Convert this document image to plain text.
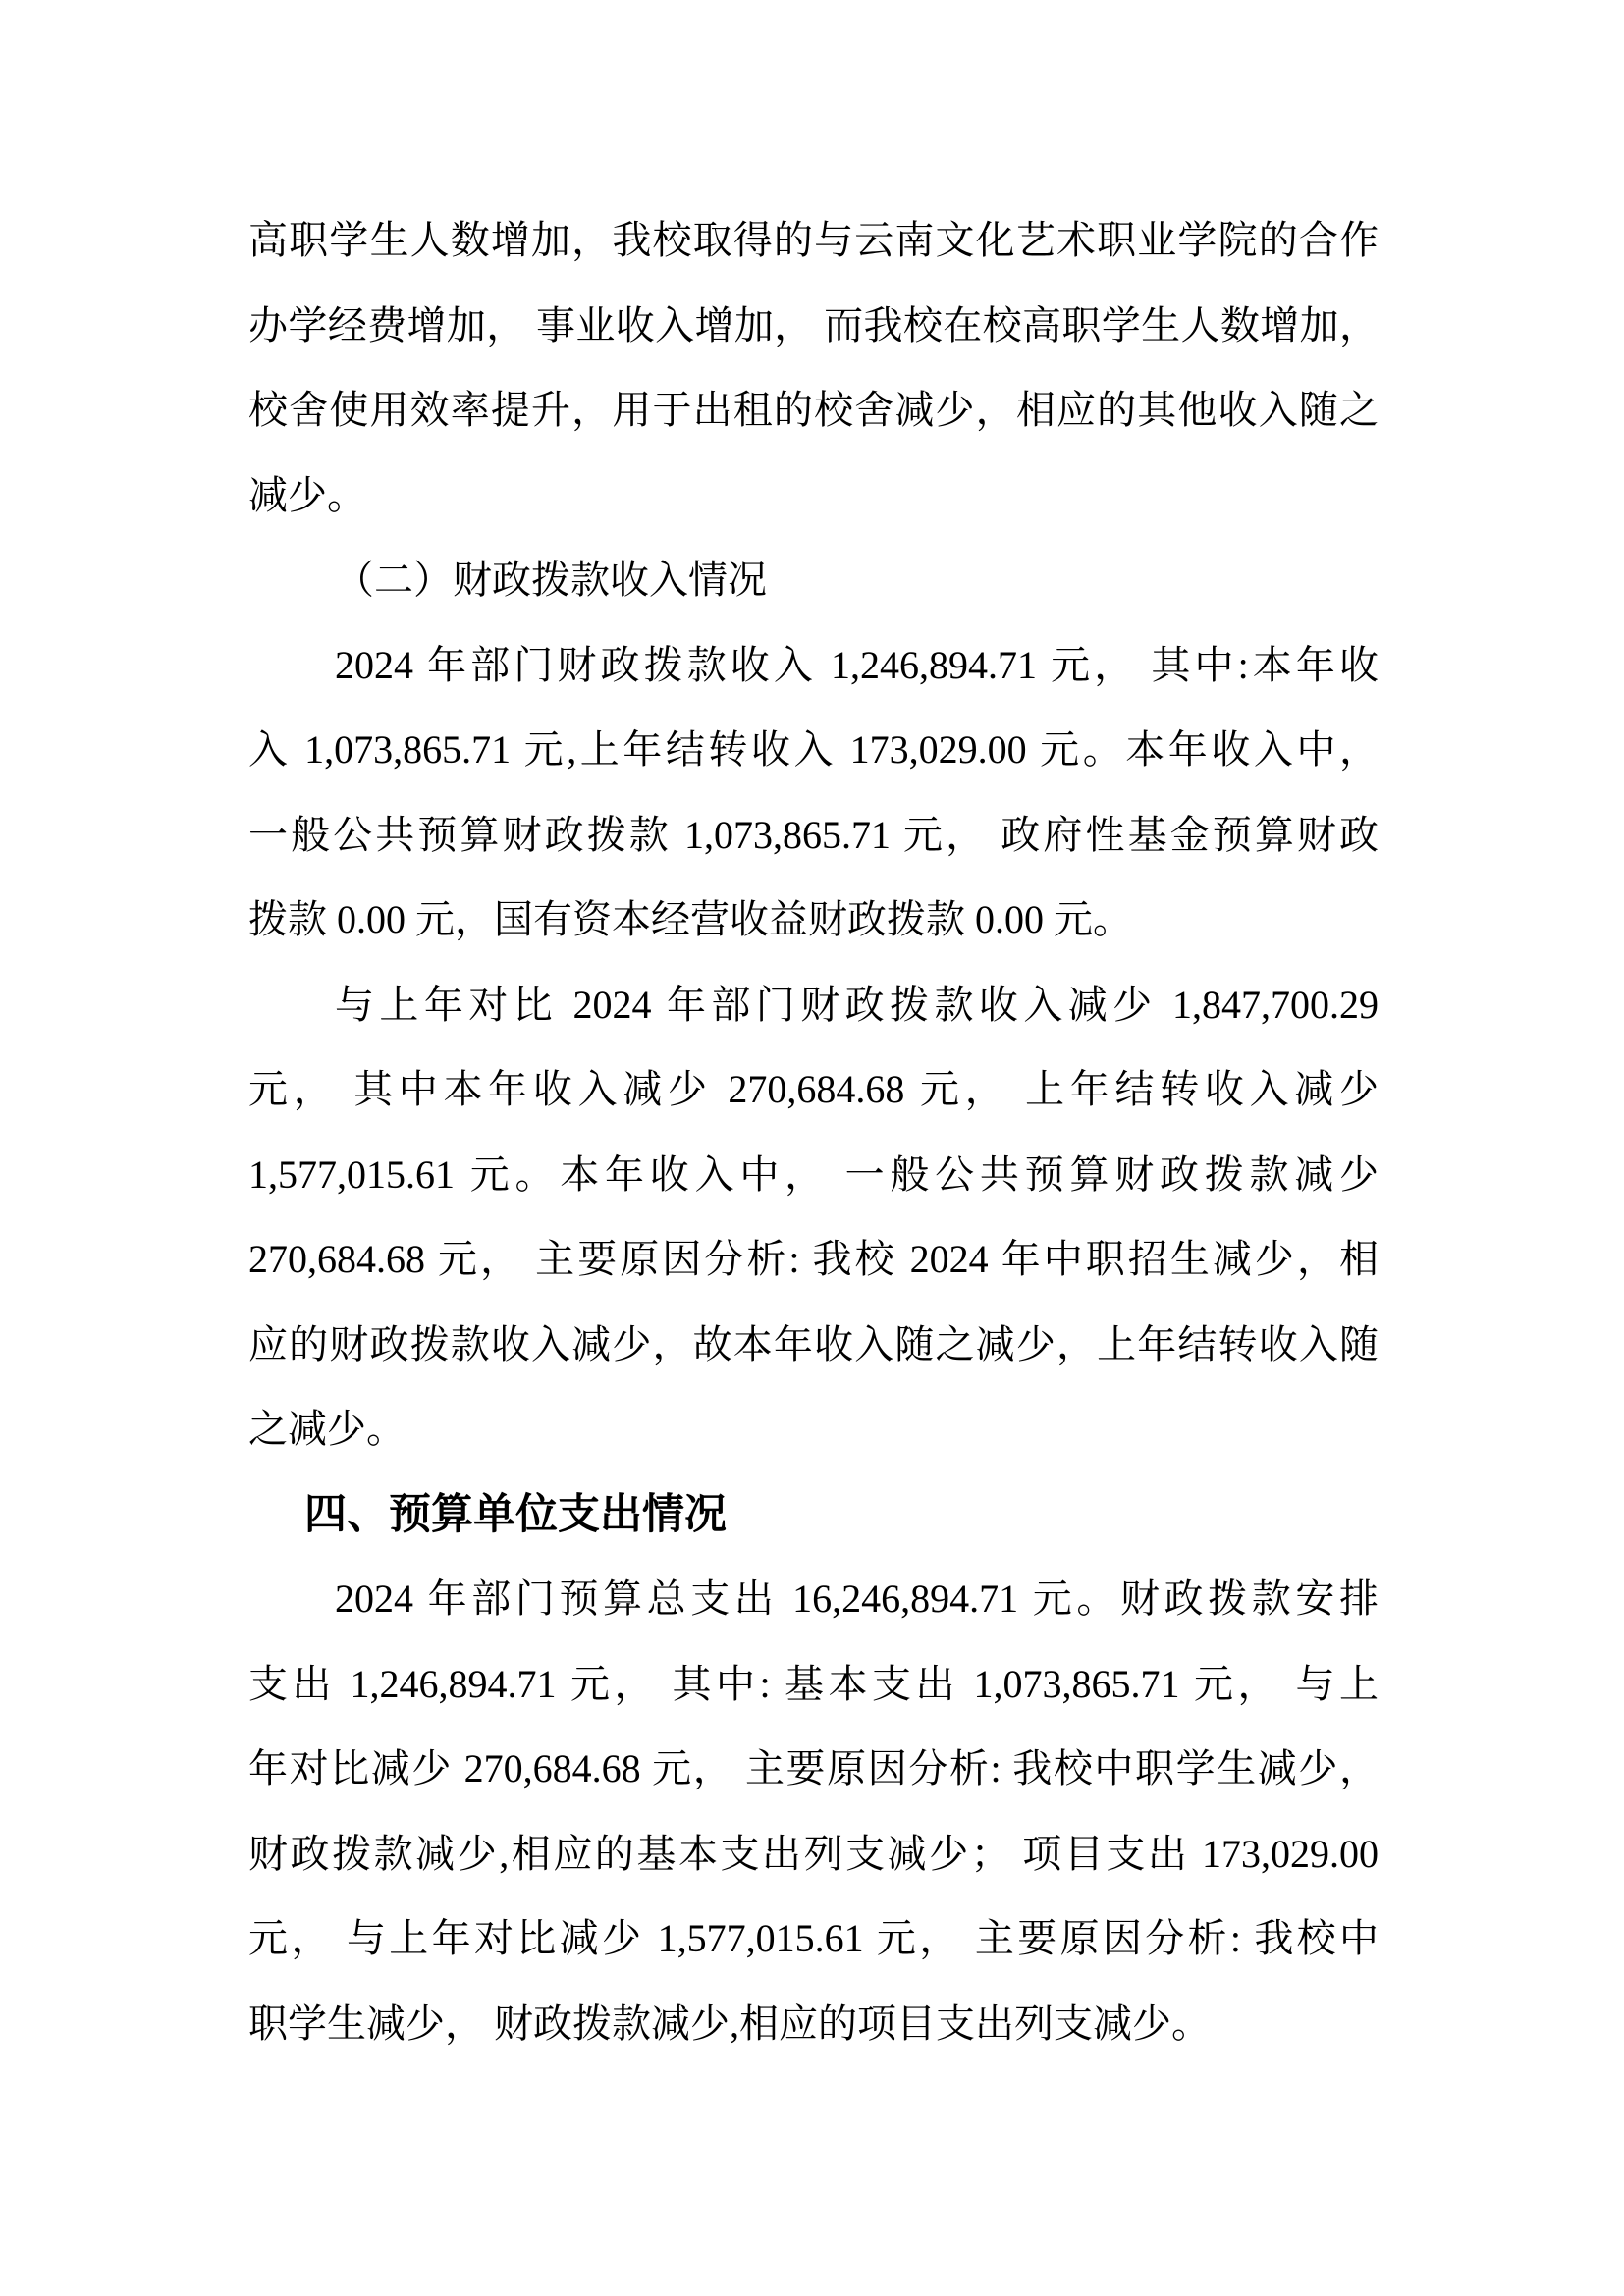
高职学生人数增加，我校取得的与云南文化艺术职业学院的合作
办学经费增加， 事业收入增加， 而我校在校高职学生人数增加，
校舍使用效率提升，用于出租的校舍减少，相应的其他收入随之
减少。
（二）财政拨款收入情况
2024 年部门财政拨款收入 1,246,894.71 元， 其中:本年收
入 1,073,865.71 元,上年结转收入 173,029.00 元。本年收入中，
一般公共预算财政拨款 1,073,865.71 元， 政府性基金预算财政
拨款 0.00 元，国有资本经营收益财政拨款 0.00 元。
与上年对比 2024 年部门财政拨款收入减少 1,847,700.29
元， 其中本年收入减少 270,684.68 元， 上年结转收入减少
1,577,015.61 元。本年收入中， 一般公共预算财政拨款减少
270,684.68 元， 主要原因分析: 我校 2024 年中职招生减少，相
应的财政拨款收入减少，故本年收入随之减少，上年结转收入随
之减少。
四、预算单位支出情况
2024 年部门预算总支出 16,246,894.71 元。财政拨款安排
支出 1,246,894.71 元， 其中: 基本支出 1,073,865.71 元， 与上
年对比减少 270,684.68 元， 主要原因分析: 我校中职学生减少，
财政拨款减少,相应的基本支出列支减少； 项目支出 173,029.00
元， 与上年对比减少 1,577,015.61 元， 主要原因分析: 我校中
职学生减少， 财政拨款减少,相应的项目支出列支减少。
